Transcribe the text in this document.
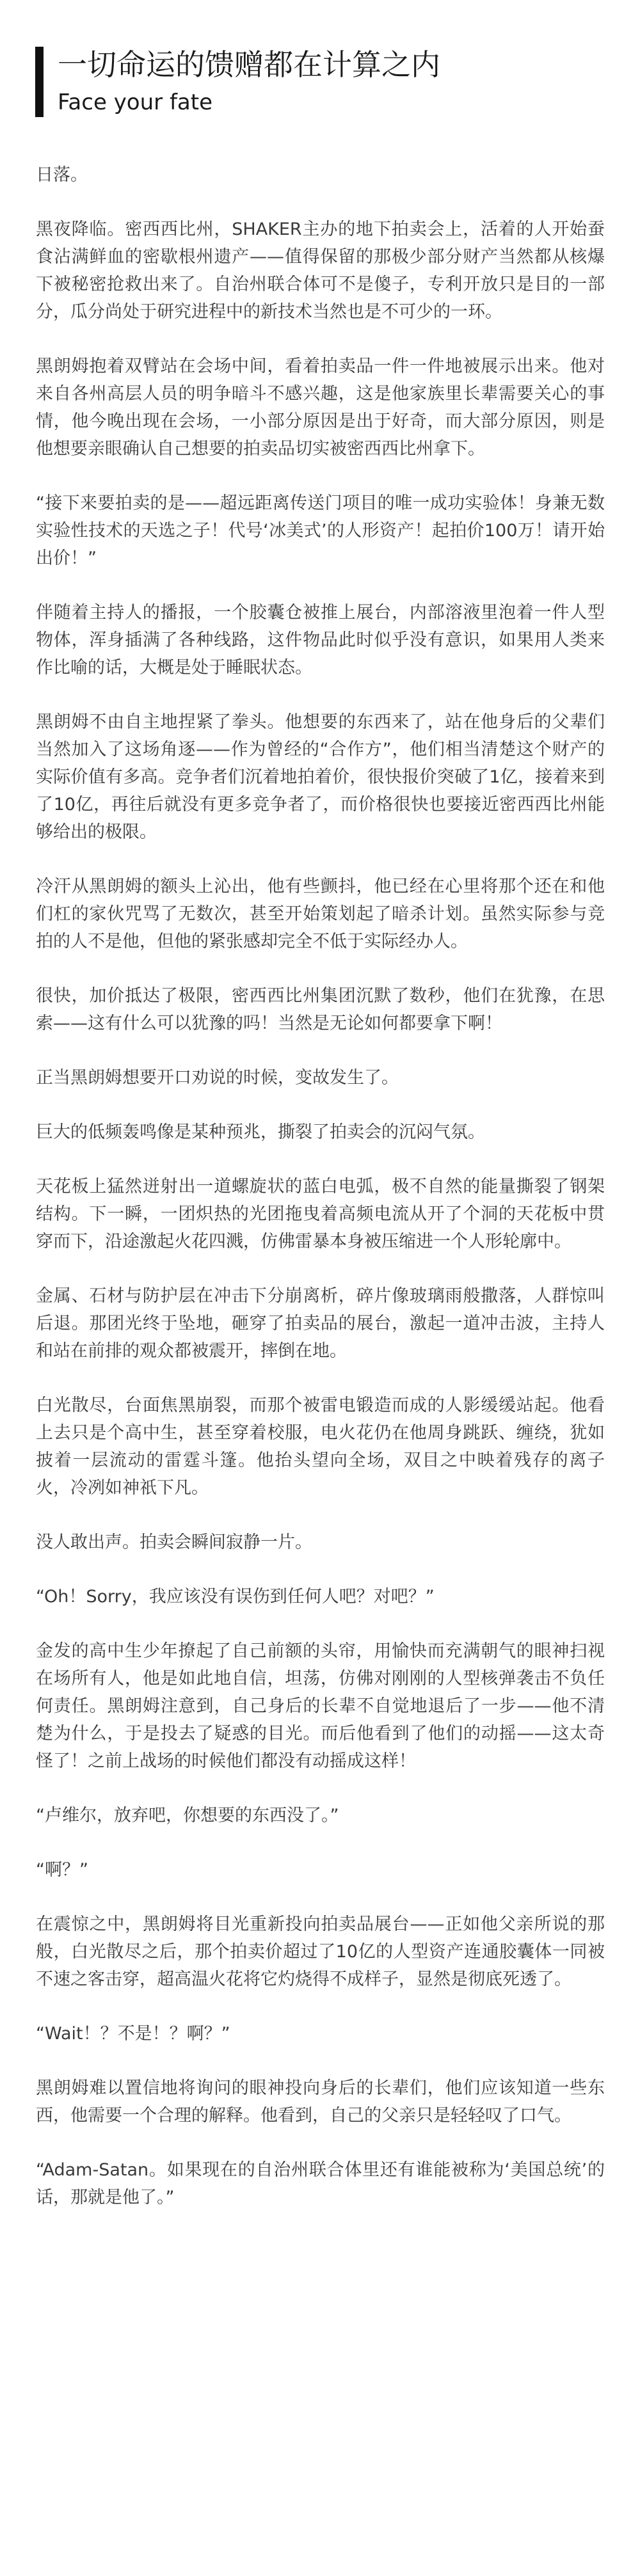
一切命运的馈赠都在计算之内
Face your fate

日落。

黑夜降临。密西西比州，SHAKER主办的地下拍卖会上，活着的人开始蚕食沾满鲜血的密歇根州遗产——值得保留的那极少部分财产当然都从核爆下被秘密抢救出来了。自治州联合体可不是傻子，专利开放只是目的一部分，瓜分尚处于研究进程中的新技术当然也是不可少的一环。

黑朗姆抱着双臂站在会场中间，看着拍卖品一件一件地被展示出来。他对来自各州高层人员的明争暗斗不感兴趣，这是他家族里长辈需要关心的事情，他今晚出现在会场，一小部分原因是出于好奇，而大部分原因，则是他想要亲眼确认自己想要的拍卖品切实被密西西比州拿下。

“接下来要拍卖的是——超远距离传送门项目的唯一成功实验体！身兼无数实验性技术的天选之子！代号‘冰美式’的人形资产！起拍价100万！请开始出价！”

伴随着主持人的播报，一个胶囊仓被推上展台，内部溶液里泡着一件人型物体，浑身插满了各种线路，这件物品此时似乎没有意识，如果用人类来作比喻的话，大概是处于睡眠状态。

黑朗姆不由自主地捏紧了拳头。他想要的东西来了，站在他身后的父辈们当然加入了这场角逐——作为曾经的“合作方”，他们相当清楚这个财产的实际价值有多高。竞争者们沉着地拍着价，很快报价突破了1亿，接着来到了10亿，再往后就没有更多竞争者了，而价格很快也要接近密西西比州能够给出的极限。

冷汗从黑朗姆的额头上沁出，他有些颤抖，他已经在心里将那个还在和他们杠的家伙咒骂了无数次，甚至开始策划起了暗杀计划。虽然实际参与竞拍的人不是他，但他的紧张感却完全不低于实际经办人。

很快，加价抵达了极限，密西西比州集团沉默了数秒，他们在犹豫，在思索——这有什么可以犹豫的吗！当然是无论如何都要拿下啊！

正当黑朗姆想要开口劝说的时候，变故发生了。

巨大的低频轰鸣像是某种预兆，撕裂了拍卖会的沉闷气氛。

天花板上猛然迸射出一道螺旋状的蓝白电弧，极不自然的能量撕裂了钢架结构。下一瞬，一团炽热的光团拖曳着高频电流从开了个洞的天花板中贯穿而下，沿途激起火花四溅，仿佛雷暴本身被压缩进一个人形轮廓中。

金属、石材与防护层在冲击下分崩离析，碎片像玻璃雨般撒落，人群惊叫后退。那团光终于坠地，砸穿了拍卖品的展台，激起一道冲击波，主持人和站在前排的观众都被震开，摔倒在地。

白光散尽，台面焦黑崩裂，而那个被雷电锻造而成的人影缓缓站起。他看上去只是个高中生，甚至穿着校服，电火花仍在他周身跳跃、缠绕，犹如披着一层流动的雷霆斗篷。他抬头望向全场，双目之中映着残存的离子火，冷冽如神祇下凡。

没人敢出声。拍卖会瞬间寂静一片。

“Oh！Sorry，我应该没有误伤到任何人吧？对吧？”

金发的高中生少年撩起了自己前额的头帘，用愉快而充满朝气的眼神扫视在场所有人，他是如此地自信，坦荡，仿佛对刚刚的人型核弹袭击不负任何责任。黑朗姆注意到，自己身后的长辈不自觉地退后了一步——他不清楚为什么，于是投去了疑惑的目光。而后他看到了他们的动摇——这太奇怪了！之前上战场的时候他们都没有动摇成这样！

“卢维尔，放弃吧，你想要的东西没了。”

“啊？”

在震惊之中，黑朗姆将目光重新投向拍卖品展台——正如他父亲所说的那般，白光散尽之后，那个拍卖价超过了10亿的人型资产连通胶囊体一同被不速之客击穿，超高温火花将它灼烧得不成样子，显然是彻底死透了。

“Wait！？不是！？啊？”

黑朗姆难以置信地将询问的眼神投向身后的长辈们，他们应该知道一些东西，他需要一个合理的解释。他看到，自己的父亲只是轻轻叹了口气。

“Adam-Satan。如果现在的自治州联合体里还有谁能被称为‘美国总统’的话，那就是他了。”
